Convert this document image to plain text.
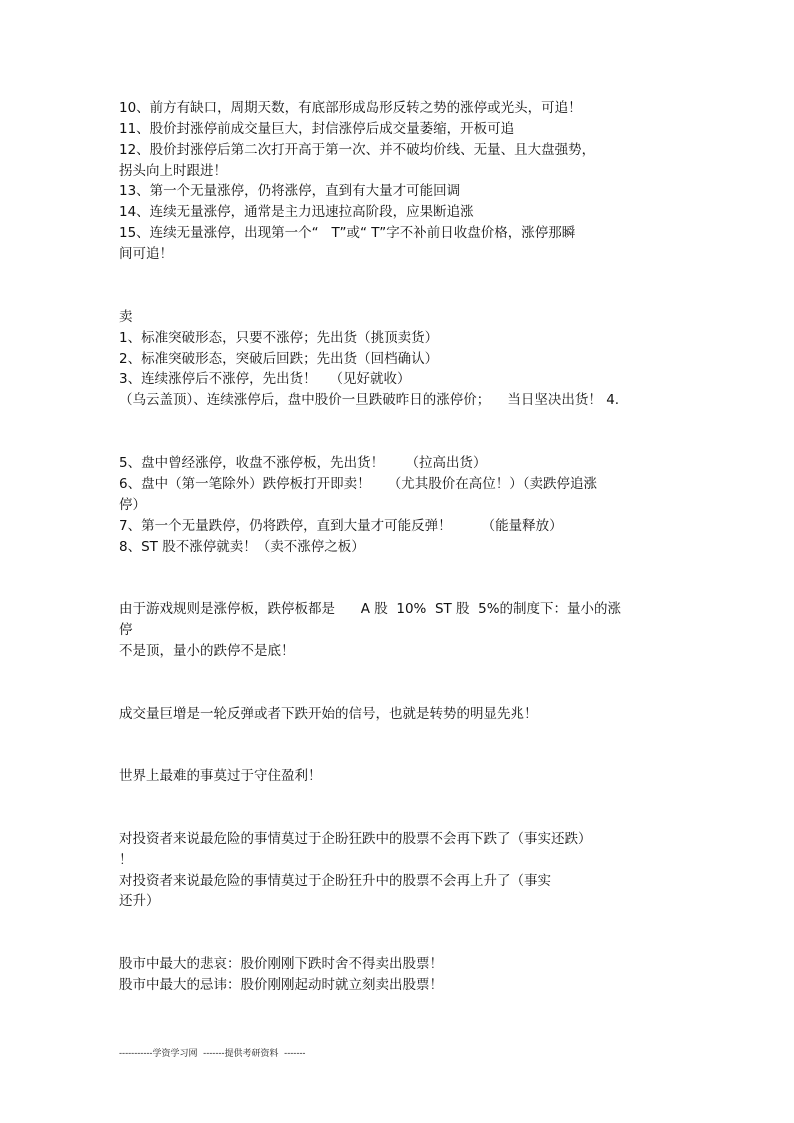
10、前方有缺口，周期天数，有底部形成岛形反转之势的涨停或光头，可追！
11、股价封涨停前成交量巨大，封信涨停后成交量萎缩，开板可追
12、股价封涨停后第二次打开高于第一次、并不破均价线、无量、且大盘强势，
拐头向上时跟进！
13、第一个无量涨停，仍将涨停，直到有大量才可能回调
14、连续无量涨停，通常是主力迅速拉高阶段，应果断追涨
15、连续无量涨停，出现第一个“   T”或“ T”字不补前日收盘价格，涨停那瞬
间可追！
卖
1、标准突破形态，只要不涨停；先出货（挑顶卖货）
2、标准突破形态，突破后回跌；先出货（回档确认）
3、连续涨停后不涨停，先出货！   （见好就收）
（乌云盖顶）、连续涨停后，盘中股价一旦跌破昨日的涨停价；    当日坚决出货！ 4.
5、盘中曾经涨停，收盘不涨停板，先出货！     （拉高出货）
6、盘中（第一笔除外）跌停板打开即卖！    （尤其股价在高位！）（卖跌停追涨
停）
7、第一个无量跌停，仍将跌停，直到大量才可能反弹！       （能量释放）
8、ST 股不涨停就卖！（卖不涨停之板）
由于游戏规则是涨停板，跌停板都是      A 股  10%  ST 股  5%的制度下：量小的涨
停
不是顶，量小的跌停不是底！
成交量巨增是一轮反弹或者下跌开始的信号，也就是转势的明显先兆！
世界上最难的事莫过于守住盈利！
对投资者来说最危险的事情莫过于企盼狂跌中的股票不会再下跌了（事实还跌）
！
对投资者来说最危险的事情莫过于企盼狂升中的股票不会再上升了（事实
还升）
股市中最大的悲哀：股价刚刚下跌时舍不得卖出股票！
股市中最大的忌讳：股价刚刚起动时就立刻卖出股票！
-----------学资学习网  -------提供考研资料  -------
